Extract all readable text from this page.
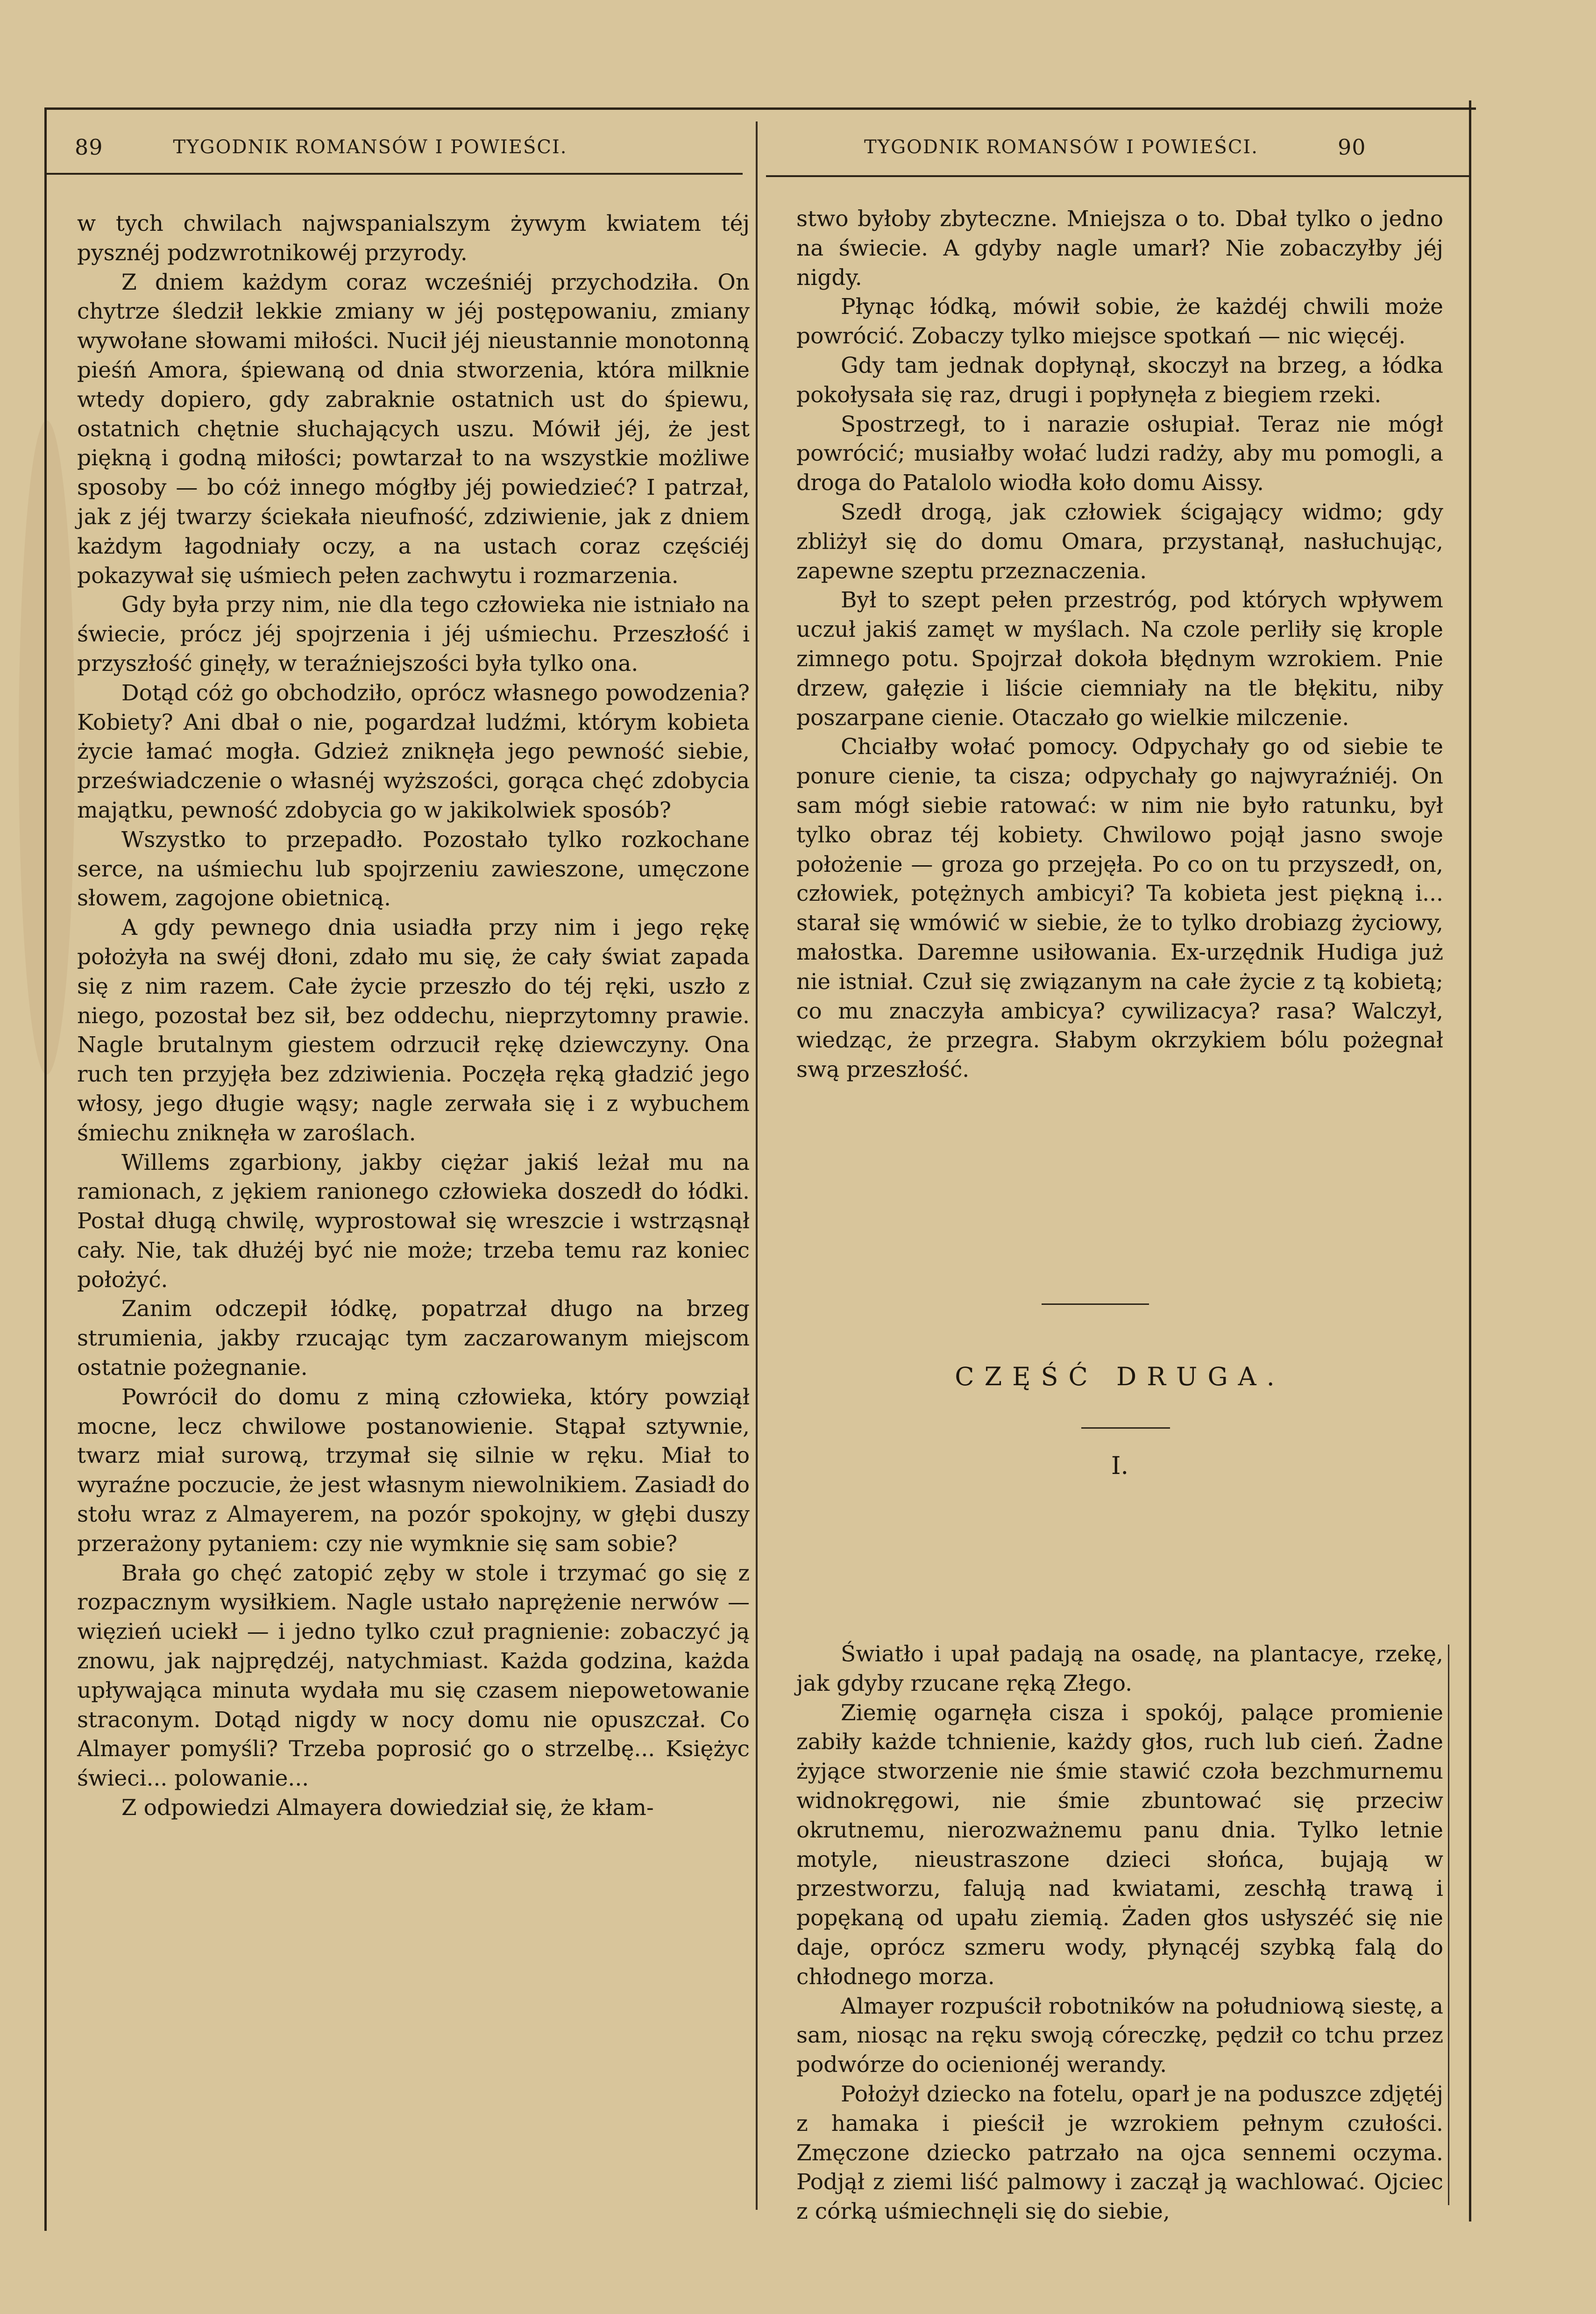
89	TYGODNIK ROMANSÓW I POWIEŚCI.	TYGODNIK ROMANSÓW I POWIEŚCI.	90

w tych chwilach najwspanialszym żywym kwiatem téj pysznéj podzwrotnikowéj przyrody.

Z dniem każdym coraz wcześniéj przychodziła. On chytrze śledził lekkie zmiany w jéj postępowaniu, zmiany wywołane słowami miłości. Nucił jéj nieustannie monotonną pieśń Amora, śpiewaną od dnia stworzenia, która milknie wtedy dopiero, gdy zabraknie ostatnich ust do śpiewu, ostatnich chętnie słuchających uszu. Mówił jéj, że jest piękną i godną miłości; powtarzał to na wszystkie możliwe sposoby — bo cóż innego mógłby jéj powiedzieć? I patrzał, jak z jéj twarzy ściekała nieufność, zdziwienie, jak z dniem każdym łagodniały oczy, a na ustach coraz częściéj pokazywał się uśmiech pełen zachwytu i rozmarzenia.

Gdy była przy nim, nie dla tego człowieka nie istniało na świecie, prócz jéj spojrzenia i jéj uśmiechu. Przeszłość i przyszłość ginęły, w teraźniejszości była tylko ona.

Dotąd cóż go obchodziło, oprócz własnego powodzenia? Kobiety? Ani dbał o nie, pogardzał ludźmi, którym kobieta życie łamać mogła. Gdzież zniknęła jego pewność siebie, przeświadczenie o własnéj wyższości, gorąca chęć zdobycia majątku, pewność zdobycia go w jakikolwiek sposób?

Wszystko to przepadło. Pozostało tylko rozkochane serce, na uśmiechu lub spojrzeniu zawieszone, umęczone słowem, zagojone obietnicą.

A gdy pewnego dnia usiadła przy nim i jego rękę położyła na swéj dłoni, zdało mu się, że cały świat zapada się z nim razem. Całe życie przeszło do téj ręki, uszło z niego, pozostał bez sił, bez oddechu, nieprzytomny prawie. Nagle brutalnym giestem odrzucił rękę dziewczyny. Ona ruch ten przyjęła bez zdziwienia. Poczęła ręką gładzić jego włosy, jego długie wąsy; nagle zerwała się i z wybuchem śmiechu zniknęła w zaroślach.

Willems zgarbiony, jakby ciężar jakiś leżał mu na ramionach, z jękiem ranionego człowieka doszedł do łódki. Postał długą chwilę, wyprostował się wreszcie i wstrząsnął cały. Nie, tak dłużéj być nie może; trzeba temu raz koniec położyć.

Zanim odczepił łódkę, popatrzał długo na brzeg strumienia, jakby rzucając tym zaczarowanym miejscom ostatnie pożegnanie.

Powrócił do domu z miną człowieka, który powziął mocne, lecz chwilowe postanowienie. Stąpał sztywnie, twarz miał surową, trzymał się silnie w ręku. Miał to wyraźne poczucie, że jest własnym niewolnikiem. Zasiadł do stołu wraz z Almayerem, na pozór spokojny, w głębi duszy przerażony pytaniem: czy nie wymknie się sam sobie?

Brała go chęć zatopić zęby w stole i trzymać go się z rozpacznym wysiłkiem. Nagle ustało naprężenie nerwów — więzień uciekł — i jedno tylko czuł pragnienie: zobaczyć ją znowu, jak najprędzéj, natychmiast. Każda godzina, każda upływająca minuta wydała mu się czasem niepowetowanie straconym. Dotąd nigdy w nocy domu nie opuszczał. Co Almayer pomyśli? Trzeba poprosić go o strzelbę... Księżyc świeci... polowanie...

Z odpowiedzi Almayera dowiedział się, że kłam-

stwo byłoby zbyteczne. Mniejsza o to. Dbał tylko o jedno na świecie. A gdyby nagle umarł? Nie zobaczyłby jéj nigdy.

Płynąc łódką, mówił sobie, że każdéj chwili może powrócić. Zobaczy tylko miejsce spotkań — nic więcéj.

Gdy tam jednak dopłynął, skoczył na brzeg, a łódka pokołysała się raz, drugi i popłynęła z biegiem rzeki.

Spostrzegł, to i narazie osłupiał. Teraz nie mógł powrócić; musiałby wołać ludzi radży, aby mu pomogli, a droga do Patalolo wiodła koło domu Aissy.

Szedł drogą, jak człowiek ścigający widmo; gdy zbliżył się do domu Omara, przystanął, nasłuchując, zapewne szeptu przeznaczenia.

Był to szept pełen przestróg, pod których wpływem uczuł jakiś zamęt w myślach. Na czole perliły się krople zimnego potu. Spojrzał dokoła błędnym wzrokiem. Pnie drzew, gałęzie i liście ciemniały na tle błękitu, niby poszarpane cienie. Otaczało go wielkie milczenie.

Chciałby wołać pomocy. Odpychały go od siebie te ponure cienie, ta cisza; odpychały go najwyraźniéj. On sam mógł siebie ratować: w nim nie było ratunku, był tylko obraz téj kobiety. Chwilowo pojął jasno swoje położenie — groza go przejęła. Po co on tu przyszedł, on, człowiek, potężnych ambicyi? Ta kobieta jest piękną i... starał się wmówić w siebie, że to tylko drobiazg życiowy, małostka. Daremne usiłowania. Ex-urzędnik Hudiga już nie istniał. Czuł się związanym na całe życie z tą kobietą; co mu znaczyła ambicya? cywilizacya? rasa? Walczył, wiedząc, że przegra. Słabym okrzykiem bólu pożegnał swą przeszłość.

CZĘŚĆ DRUGA.
I.

Światło i upał padają na osadę, na plantacye, rzekę, jak gdyby rzucane ręką Złego.

Ziemię ogarnęła cisza i spokój, palące promienie zabiły każde tchnienie, każdy głos, ruch lub cień. Żadne żyjące stworzenie nie śmie stawić czoła bezchmurnemu widnokręgowi, nie śmie zbuntować się przeciw okrutnemu, nierozważnemu panu dnia. Tylko letnie motyle, nieustraszone dzieci słońca, bujają w przestworzu, falują nad kwiatami, zeschłą trawą i popękaną od upału ziemią. Żaden głos usłyszéć się nie daje, oprócz szmeru wody, płynącéj szybką falą do chłodnego morza.

Almayer rozpuścił robotników na południową siestę, a sam, niosąc na ręku swoją córeczkę, pędził co tchu przez podwórze do ocienionéj werandy.

Położył dziecko na fotelu, oparł je na poduszce zdjętéj z hamaka i pieścił je wzrokiem pełnym czułości. Zmęczone dziecko patrzało na ojca sennemi oczyma. Podjął z ziemi liść palmowy i zaczął ją wachlować. Ojciec z córką uśmiechnęli się do siebie,
